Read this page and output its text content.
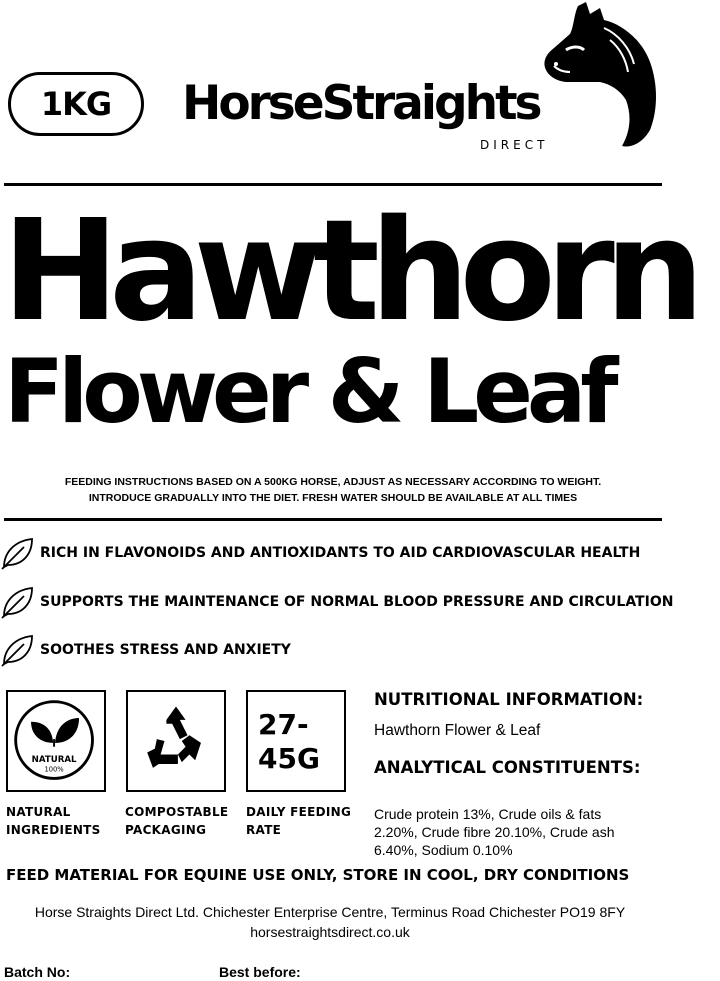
1KG HorseStraights
DIRECT
Hawthorn
Flower & Leaf
FEEDING INSTRUCTIONS BASED ON A 500KG HORSE, ADJUST AS NECESSARY ACCORDING TO WEIGHT.
INTRODUCE GRADUALLY INTO THE DIET. FRESH WATER SHOULD BE AVAILABLE AT ALL TIMES
RICH IN FLAVONOIDS AND ANTIOXIDANTS TO AID CARDIOVASCULAR HEALTH
SUPPORTS THE MAINTENANCE OF NORMAL BLOOD PRESSURE AND CIRCULATION
SOOTHES STRESS AND ANXIETY
NATURAL
100%
NATURAL
INGREDIENTS
COMPOSTABLE
PACKAGING
27-
45G
DAILY FEEDING
RATE
NUTRITIONAL INFORMATION:
Hawthorn Flower & Leaf
ANALYTICAL CONSTITUENTS:
Crude protein 13%, Crude oils & fats
2.20%, Crude fibre 20.10%, Crude ash
6.40%, Sodium 0.10%
FEED MATERIAL FOR EQUINE USE ONLY, STORE IN COOL, DRY CONDITIONS
Horse Straights Direct Ltd. Chichester Enterprise Centre, Terminus Road Chichester PO19 8FY
horsestraightsdirect.co.uk
Batch No:	Best before:
